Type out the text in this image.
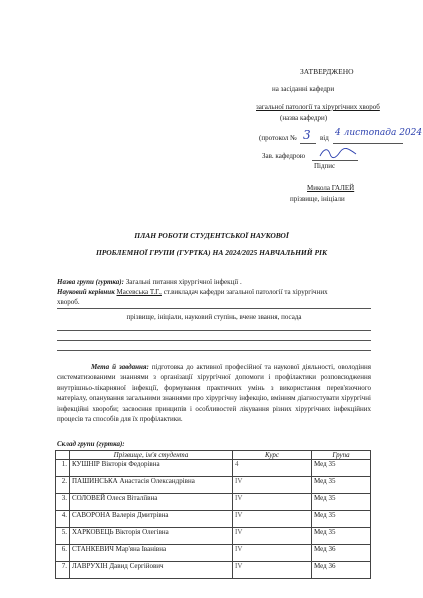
ЗАТВЕРДЖЕНО
на засіданні кафедри
загальної патології та хірургічних хвороб
(назва кафедри)
(протокол № 3 від 4 листопада 2024
Зав. кафедрою
Підпис
Микола ГАЛЕЙ
прізвище, ініціали
ПЛАН РОБОТИ СТУДЕНТСЬКОЇ НАУКОВОЇ
ПРОБЛЕМНОЇ ГРУПИ (ГУРТКА) НА 2024/2025 НАВЧАЛЬНИЙ РІК
Назва групи (гуртка): Загальні питання хірургічної інфекції .
Науковий керівник Масевська Т.Г., ст.викладач кафедри загальної патології та хірургічних
хвороб.
прізвище, ініціали, науковий ступінь, вчене звання, посада
Мета й завдання: підготовка до активної професійної та наукової діяльності, оволодіння систематизованими знаннями з організації хірургічної допомоги і профілактики розповсюдження внутрішньо-лікарняної інфекції, формування практичних умінь з використання перев'язочного матеріалу, опанування загальними знаннями про хірургічну інфекцію, вмінням діагностувати хірургічні інфекційні хвороби; засвоєння принципів і особливостей лікування різних хірургічних інфекційних процесів та способів для їх профілактики.
Склад групи (гуртка):
	Прізвище, ім'я студента	Курс	Група
1.	КУШНІР Вікторія Федорівна	4	Мед 35
2.	ПАШИНСЬКА Анастасія Олександрівна	IV	Мед 35
3.	СОЛОВЕЙ Олеся Віталіївна	IV	Мед 35
4.	САВОРОНА Валерія Дмитрівна	IV	Мед 35
5.	ХАРКОВЕЦЬ Вікторія Олегівна	IV	Мед 35
6.	СТАНКЕВИЧ Мар'яна Іванівна	IV	Мед 36
7.	ЛАВРУХІН Давид Сергійович	IV	Мед 36
